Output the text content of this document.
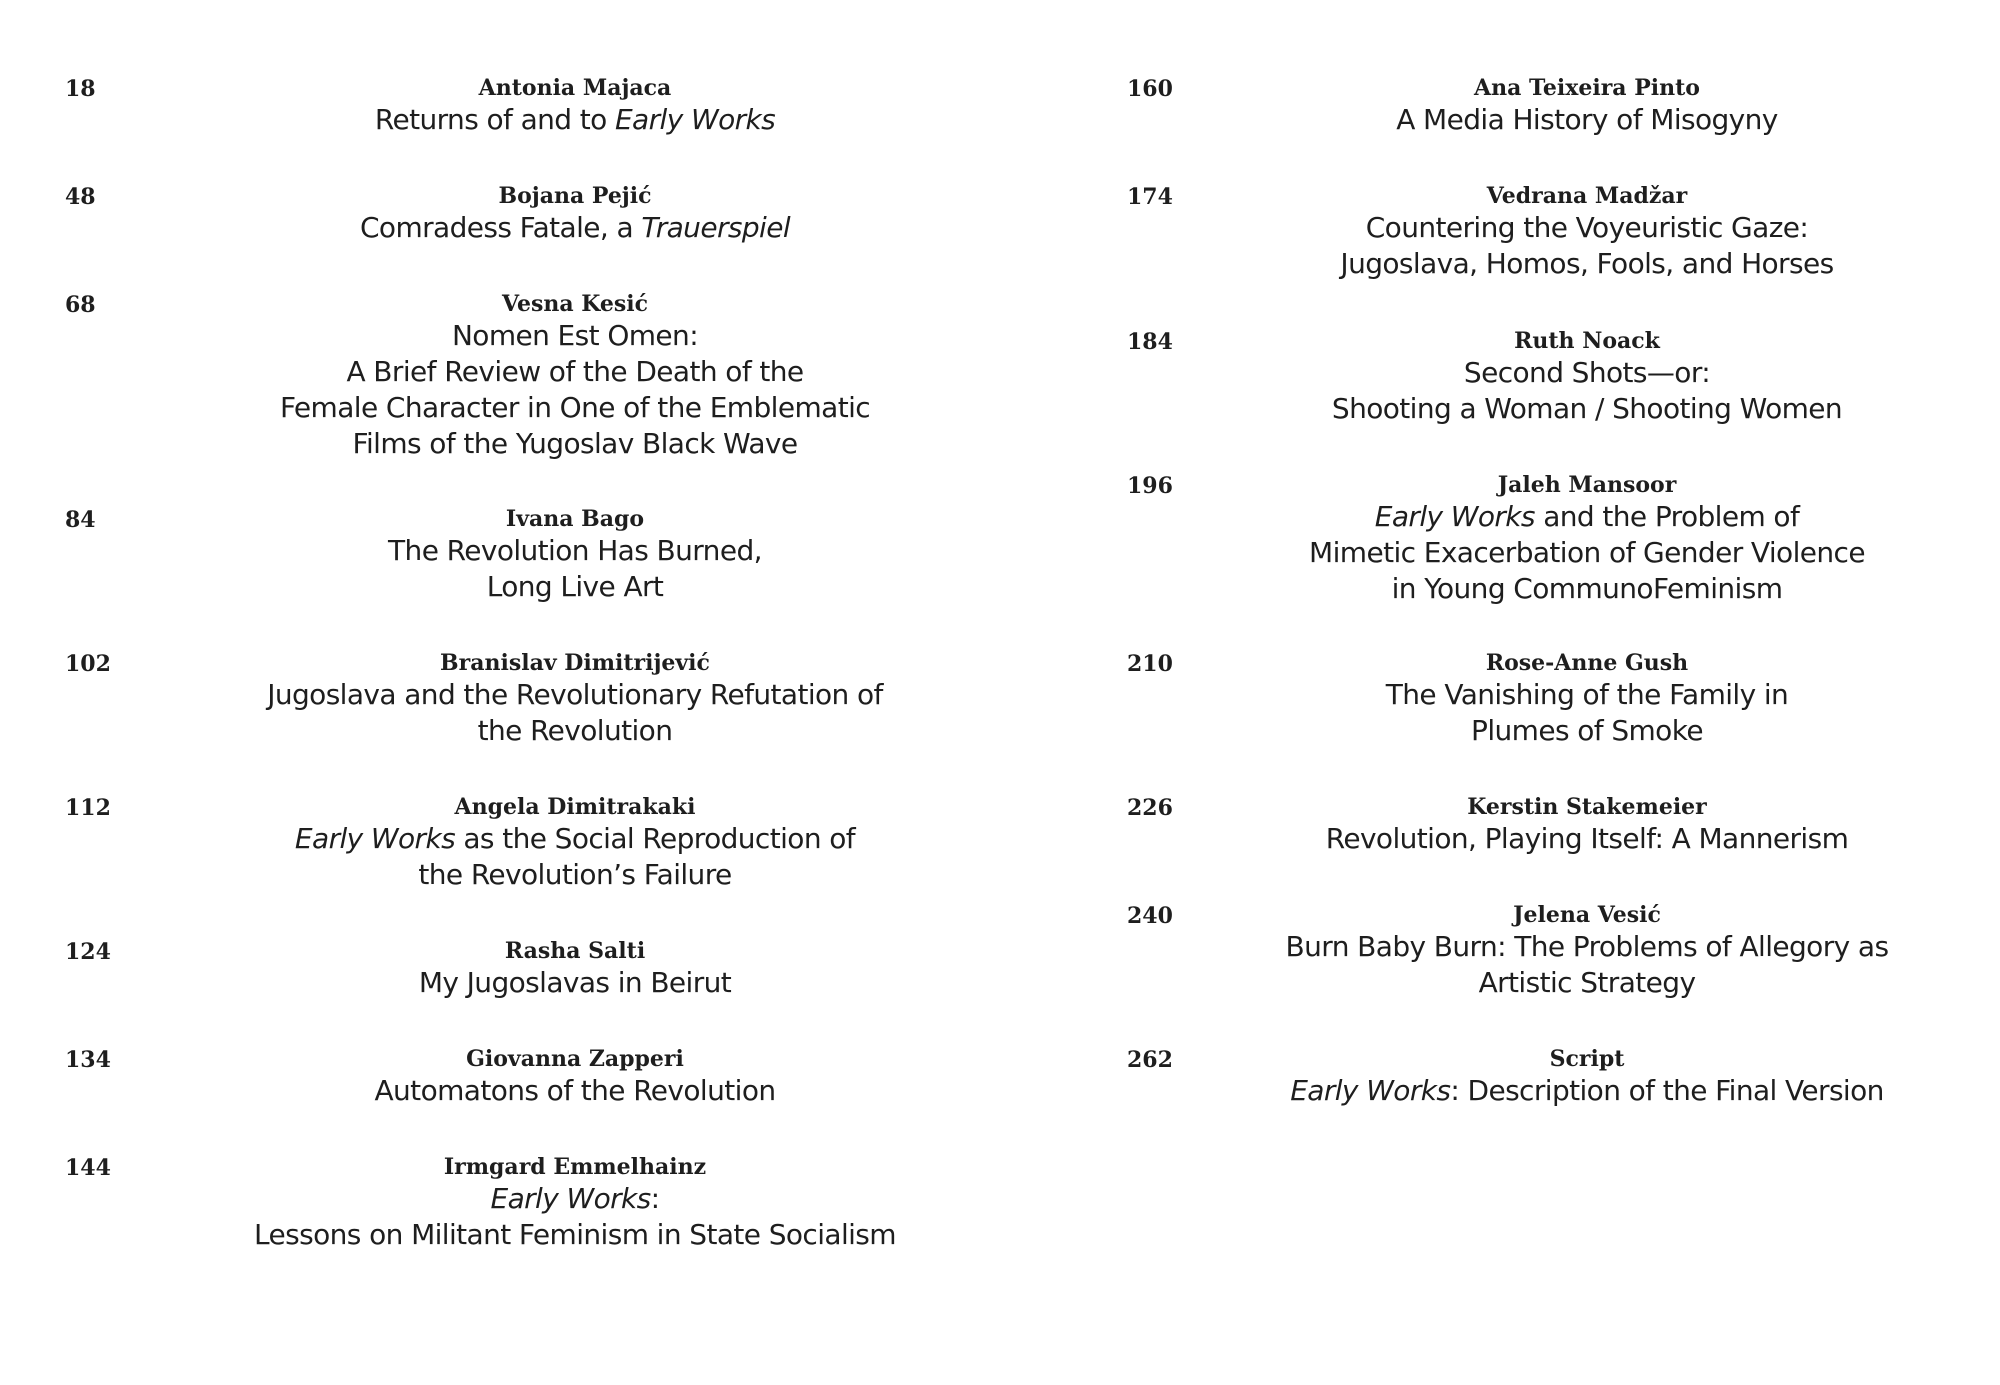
18	Antonia Majaca
Returns of and to Early Works
48	Bojana Pejić
Comradess Fatale, a Trauerspiel
68	Vesna Kesić
Nomen Est Omen:
A Brief Review of the Death of the
Female Character in One of the Emblematic
Films of the Yugoslav Black Wave
84	Ivana Bago
The Revolution Has Burned,
Long Live Art
102	Branislav Dimitrijević
Jugoslava and the Revolutionary Refutation of
the Revolution
112	Angela Dimitrakaki
Early Works as the Social Reproduction of
the Revolution’s Failure
124	Rasha Salti
My Jugoslavas in Beirut
134	Giovanna Zapperi
Automatons of the Revolution
144	Irmgard Emmelhainz
Early Works:
Lessons on Militant Feminism in State Socialism
160	Ana Teixeira Pinto
A Media History of Misogyny
174	Vedrana Madžar
Countering the Voyeuristic Gaze:
Jugoslava, Homos, Fools, and Horses
184	Ruth Noack
Second Shots—or:
Shooting a Woman / Shooting Women
196	Jaleh Mansoor
Early Works and the Problem of
Mimetic Exacerbation of Gender Violence
in Young CommunoFeminism
210	Rose-Anne Gush
The Vanishing of the Family in
Plumes of Smoke
226	Kerstin Stakemeier
Revolution, Playing Itself: A Mannerism
240	Jelena Vesić
Burn Baby Burn: The Problems of Allegory as
Artistic Strategy
262	Script
Early Works: Description of the Final Version
